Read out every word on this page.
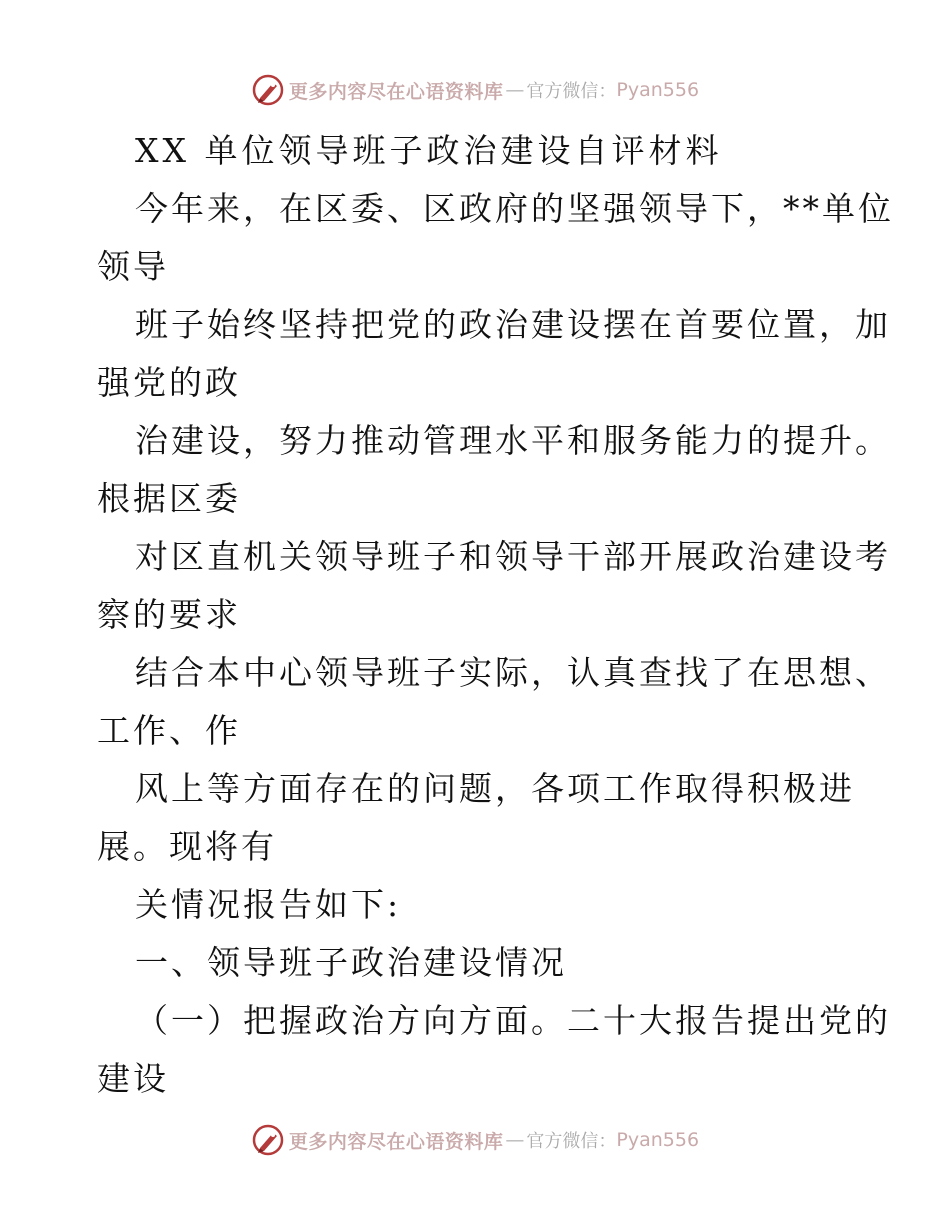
更多内容尽在心语资料库 — 官方微信： Pyan556
XX 单位领导班子政治建设自评材料
今年来，在区委、区政府的坚强领导下，**单位
领导
班子始终坚持把党的政治建设摆在首要位置，加
强党的政
治建设，努力推动管理水平和服务能力的提升。
根据区委
对区直机关领导班子和领导干部开展政治建设考
察的要求
结合本中心领导班子实际，认真查找了在思想、
工作、作
风上等方面存在的问题，各项工作取得积极进
展。现将有
关情况报告如下:
一、领导班子政治建设情况
（一）把握政治方向方面。二十大报告提出党的
建设
更多内容尽在心语资料库 — 官方微信： Pyan556
